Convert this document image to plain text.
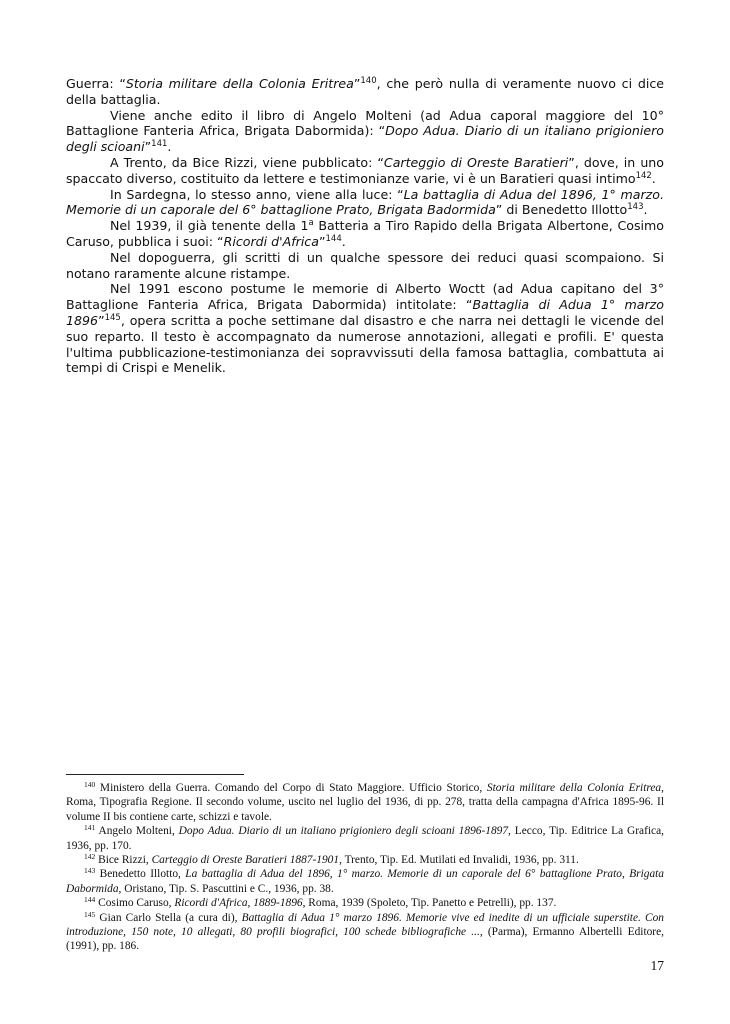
Guerra: “Storia militare della Colonia Eritrea”$^{140}$, che però nulla di veramente nuovo ci dice della battaglia.

Viene anche edito il libro di Angelo Molteni (ad Adua caporal maggiore del 10° Battaglione Fanteria Africa, Brigata Dabormida): “Dopo Adua. Diario di un italiano prigioniero degli scioani”$^{141}$.

A Trento, da Bice Rizzi, viene pubblicato: “Carteggio di Oreste Baratieri”, dove, in uno spaccato diverso, costituito da lettere e testimonianze varie, vi è un Baratieri quasi intimo$^{142}$.

In Sardegna, lo stesso anno, viene alla luce: “La battaglia di Adua del 1896, 1° marzo. Memorie di un caporale del 6° battaglione Prato, Brigata Badormida” di Benedetto Illotto$^{143}$.

Nel 1939, il già tenente della 1$^a$ Batteria a Tiro Rapido della Brigata Albertone, Cosimo Caruso, pubblica i suoi: “Ricordi d'Africa”$^{144}$.

Nel dopoguerra, gli scritti di un qualche spessore dei reduci quasi scompaiono. Si notano raramente alcune ristampe.

Nel 1991 escono postume le memorie di Alberto Woctt (ad Adua capitano del 3° Battaglione Fanteria Africa, Brigata Dabormida) intitolate: “Battaglia di Adua 1° marzo 1896”$^{145}$, opera scritta a poche settimane dal disastro e che narra nei dettagli le vicende del suo reparto. Il testo è accompagnato da numerose annotazioni, allegati e profili. E' questa l'ultima pubblicazione-testimonianza dei sopravvissuti della famosa battaglia, combattuta ai tempi di Crispi e Menelik.

$^{140}$ Ministero della Guerra. Comando del Corpo di Stato Maggiore. Ufficio Storico, Storia militare della Colonia Eritrea, Roma, Tipografia Regione. Il secondo volume, uscito nel luglio del 1936, di pp. 278, tratta della campagna d'Africa 1895-96. Il volume II bis contiene carte, schizzi e tavole.

$^{141}$ Angelo Molteni, Dopo Adua. Diario di un italiano prigioniero degli scioani 1896-1897, Lecco, Tip. Editrice La Grafica, 1936, pp. 170.

$^{142}$ Bice Rizzi, Carteggio di Oreste Baratieri 1887-1901, Trento, Tip. Ed. Mutilati ed Invalidi, 1936, pp. 311.

$^{143}$ Benedetto Illotto, La battaglia di Adua del 1896, 1° marzo. Memorie di un caporale del 6° battaglione Prato, Brigata Dabormida, Oristano, Tip. S. Pascuttini e C., 1936, pp. 38.

$^{144}$ Cosimo Caruso, Ricordi d'Africa, 1889-1896, Roma, 1939 (Spoleto, Tip. Panetto e Petrelli), pp. 137.

$^{145}$ Gian Carlo Stella (a cura di), Battaglia di Adua 1° marzo 1896. Memorie vive ed inedite di un ufficiale superstite. Con introduzione, 150 note, 10 allegati, 80 profili biografici, 100 schede bibliografiche ..., (Parma), Ermanno Albertelli Editore, (1991), pp. 186.

17
